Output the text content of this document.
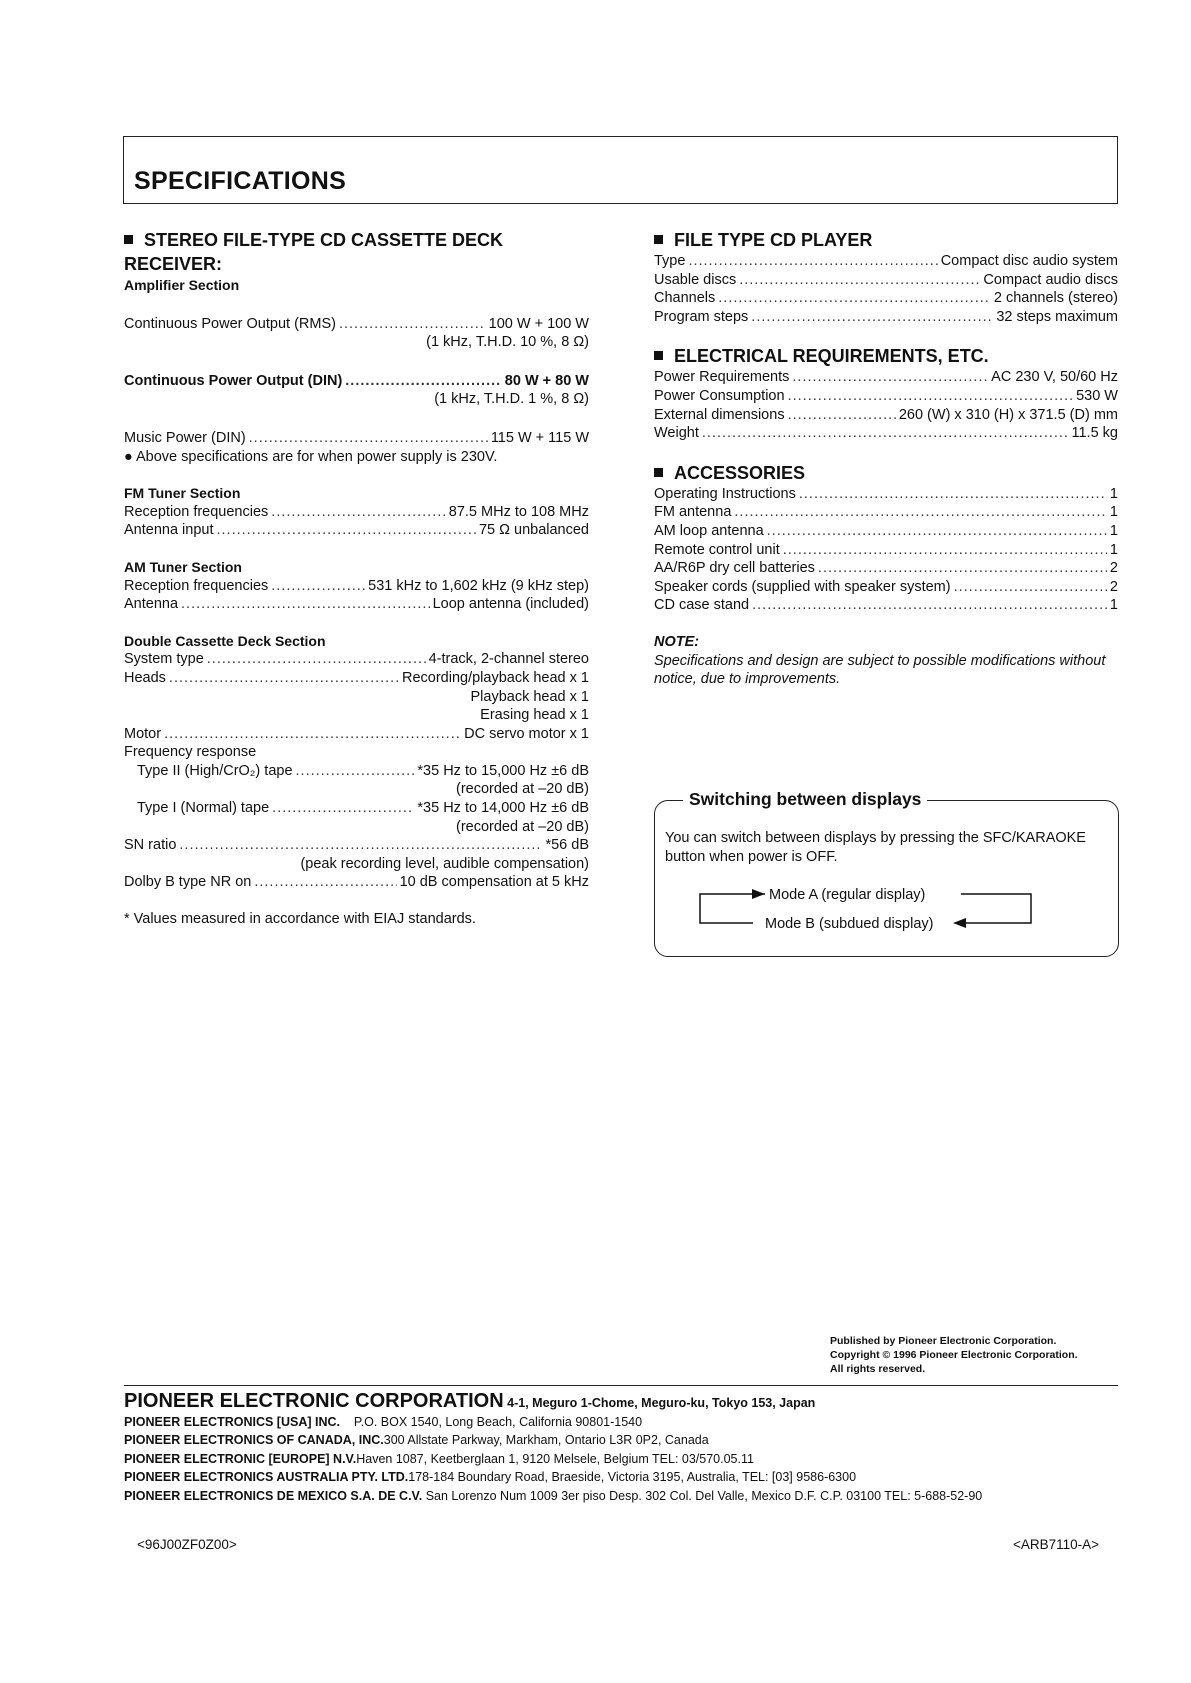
SPECIFICATIONS
STEREO FILE-TYPE CD CASSETTE DECK RECEIVER:

Amplifier Section

Continuous Power Output (RMS) .....	100 W + 100 W
(1 kHz, T.H.D. 10 %, 8 Ω)
Continuous Power Output (DIN) .....	80 W + 80 W
(1 kHz, T.H.D. 1 %, 8 Ω)
Music Power (DIN) .....	115 W + 115 W
● Above specifications are for when power supply is 230V.

FM Tuner Section

Reception frequencies .....	87.5 MHz to 108 MHz
Antenna input .....	75 Ω unbalanced

AM Tuner Section

Reception frequencies .....	531 kHz to 1,602 kHz (9 kHz step)
Antenna .....	Loop antenna (included)

Double Cassette Deck Section

System type .....	4-track, 2-channel stereo
Heads .....	Recording/playback head x 1
Playback head x 1
Erasing head x 1
Motor .....	DC servo motor x 1
Frequency response
Type II (High/CrO₂) tape .....	*35 Hz to 15,000 Hz ±6 dB
(recorded at –20 dB)
Type I (Normal) tape .....	*35 Hz to 14,000 Hz ±6 dB
(recorded at –20 dB)
SN ratio .....	*56 dB
(peak recording level, audible compensation)
Dolby B type NR on .....	10 dB compensation at 5 kHz
* Values measured in accordance with EIAJ standards.
FILE TYPE CD PLAYER
Type .....	Compact disc audio system
Usable discs .....	Compact audio discs
Channels .....	2 channels (stereo)
Program steps .....	32 steps maximum
ELECTRICAL REQUIREMENTS, ETC.
Power Requirements .....	AC 230 V, 50/60 Hz
Power Consumption .....	530 W
External dimensions .....	260 (W) x 310 (H) x 371.5 (D) mm
Weight .....	11.5 kg
ACCESSORIES
Operating Instructions .....	1
FM antenna .....	1
AM loop antenna .....	1
Remote control unit .....	1
AA/R6P dry cell batteries .....	2
Speaker cords (supplied with speaker system) .....	2
CD case stand .....	1

NOTE:

Specifications and design are subject to possible modifications without notice, due to improvements.

Switching between displays
You can switch between displays by pressing the SFC/KARAOKE button when power is OFF.
Mode A (regular display)
Mode B (subdued display)
Published by Pioneer Electronic Corporation.
Copyright © 1996 Pioneer Electronic Corporation.
All rights reserved.
PIONEER ELECTRONIC CORPORATION 4-1, Meguro 1-Chome, Meguro-ku, Tokyo 153, Japan
PIONEER ELECTRONICS [USA] INC. P.O. BOX 1540, Long Beach, California 90801-1540
PIONEER ELECTRONICS OF CANADA, INC.300 Allstate Parkway, Markham, Ontario L3R 0P2, Canada
PIONEER ELECTRONIC [EUROPE] N.V.Haven 1087, Keetberglaan 1, 9120 Melsele, Belgium TEL: 03/570.05.11
PIONEER ELECTRONICS AUSTRALIA PTY. LTD.178-184 Boundary Road, Braeside, Victoria 3195, Australia, TEL: [03] 9586-6300
PIONEER ELECTRONICS DE MEXICO S.A. DE C.V. San Lorenzo Num 1009 3er piso Desp. 302 Col. Del Valle, Mexico D.F. C.P. 03100 TEL: 5-688-52-90
<96J00ZF0Z00>	<ARB7110-A>
